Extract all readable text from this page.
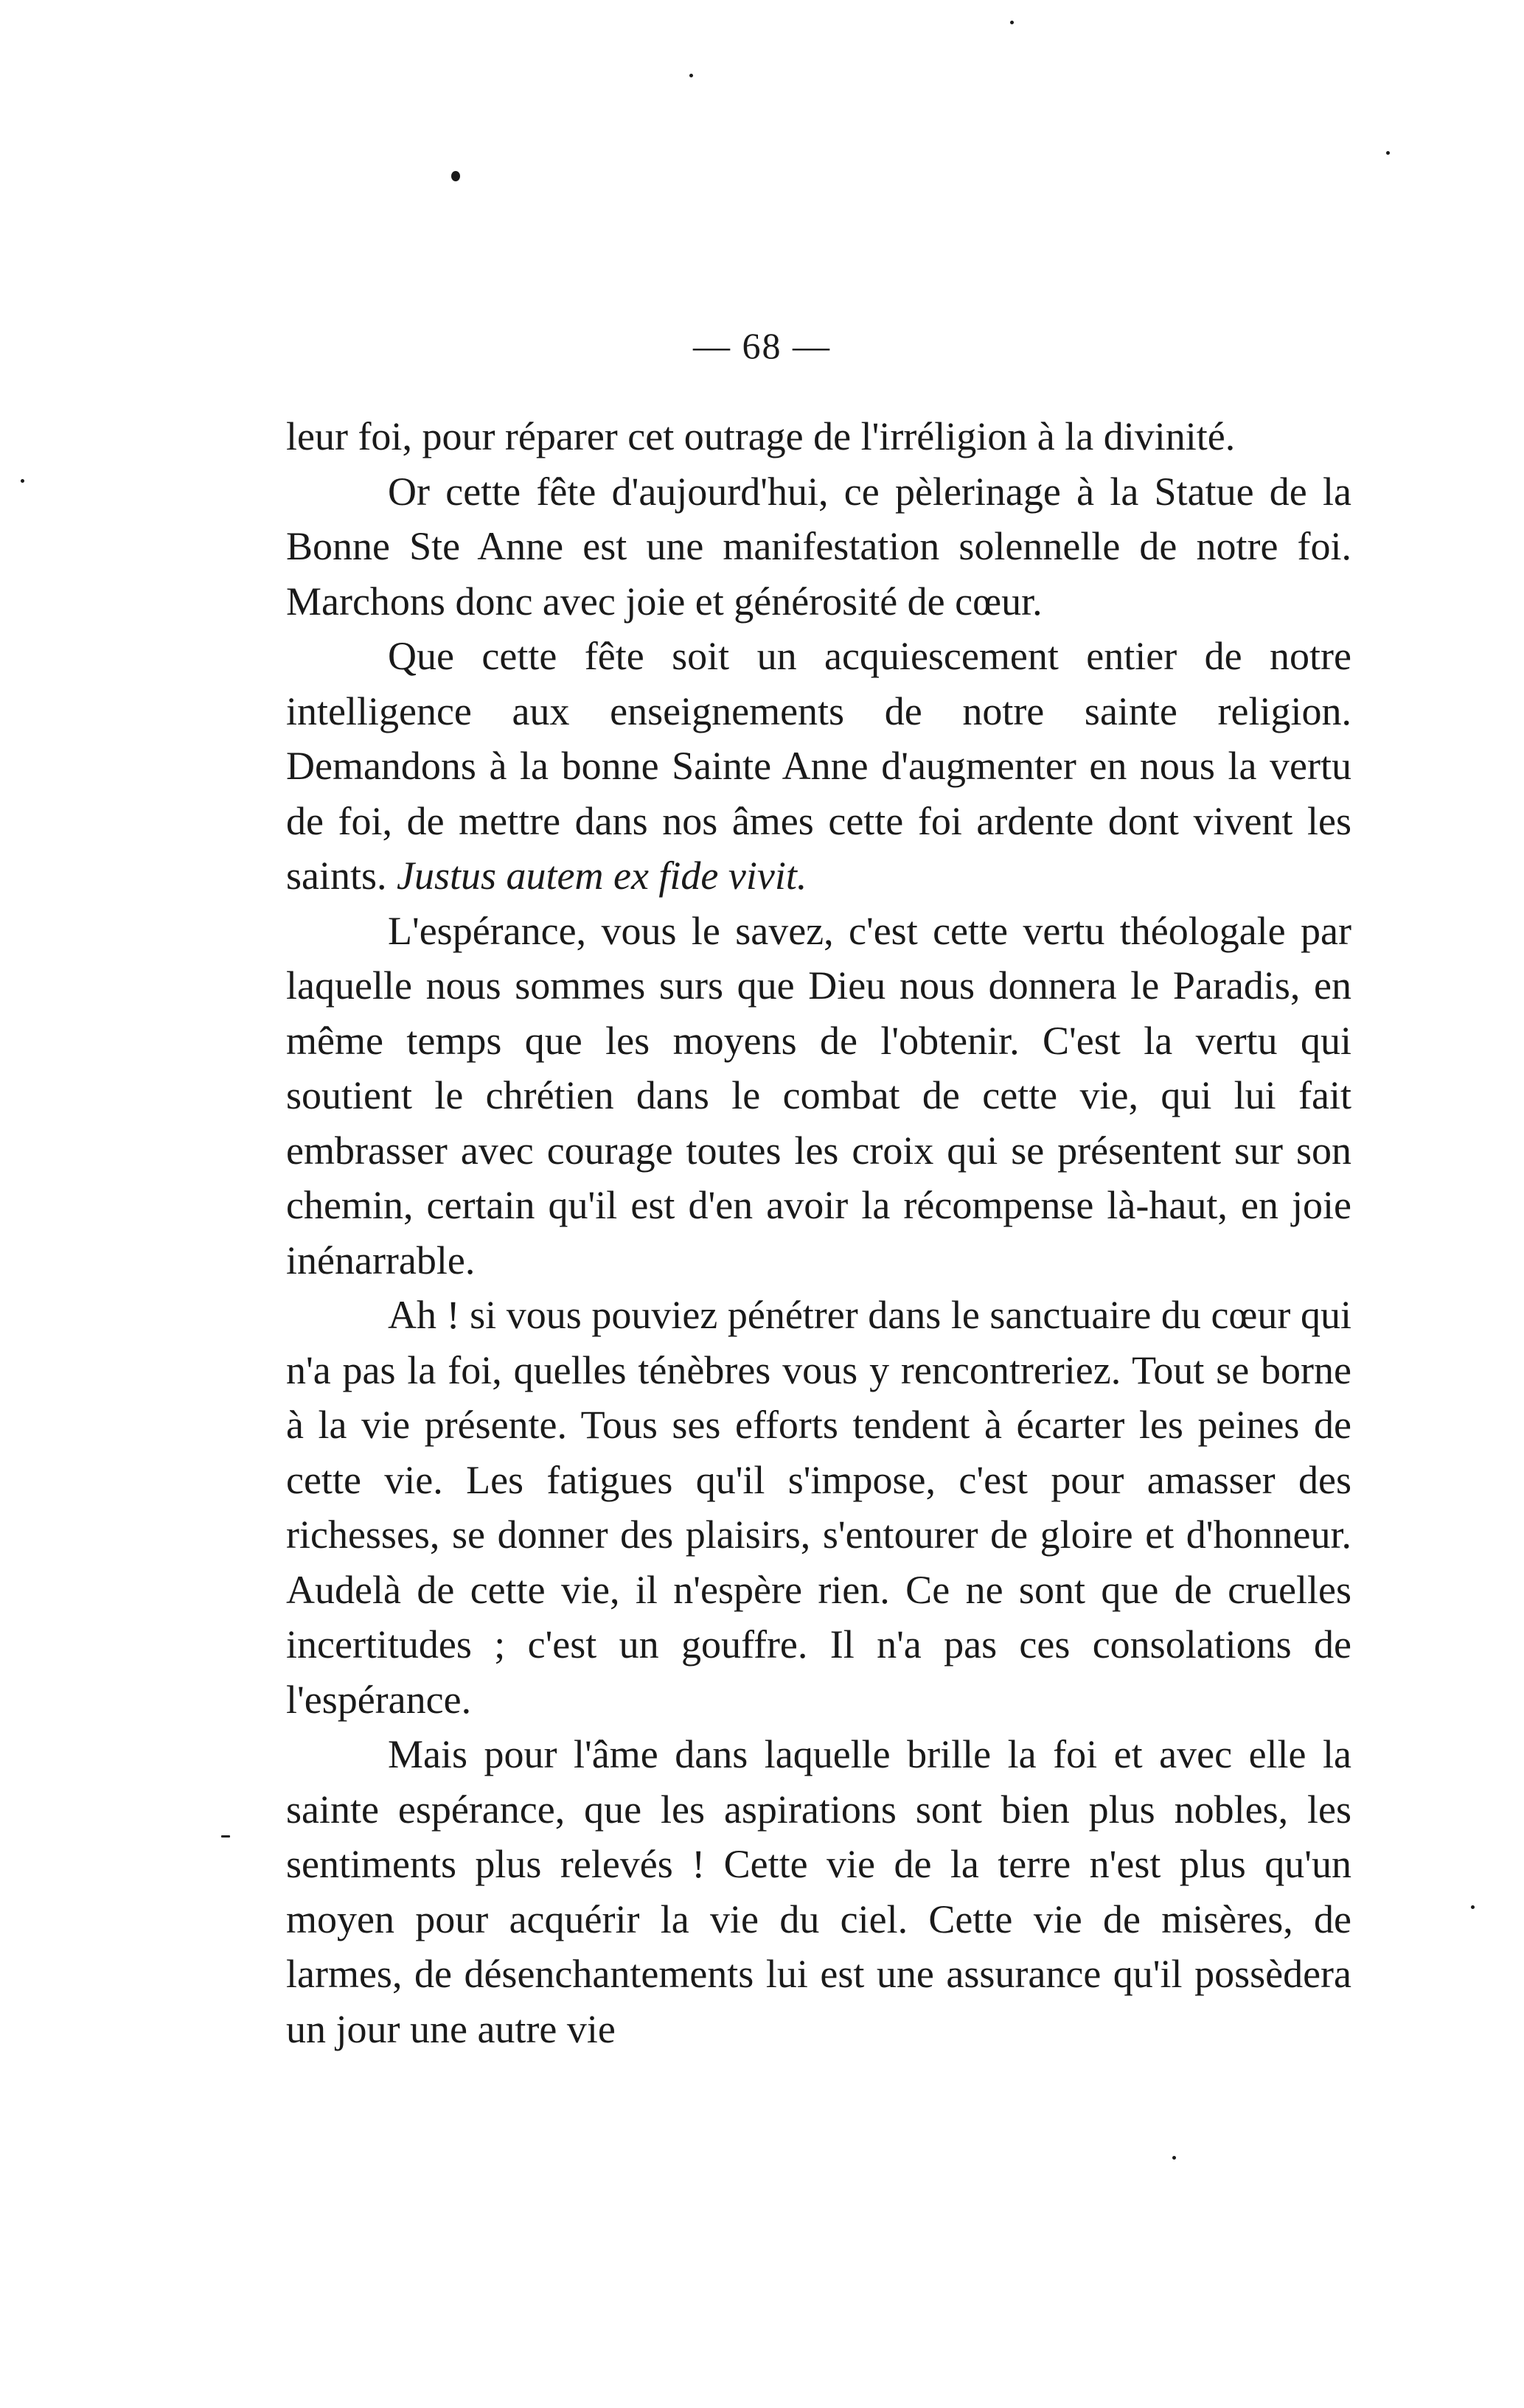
— 68 —

leur foi, pour réparer cet outrage de l'irréligion à la divinité.

Or cette fête d'aujourd'hui, ce pèlerinage à la Statue de la Bonne Ste Anne est une manifestation solennelle de notre foi. Marchons donc avec joie et générosité de cœur.

Que cette fête soit un acquiescement entier de notre intelligence aux enseignements de notre sainte religion. Demandons à la bonne Sainte Anne d'augmenter en nous la vertu de foi, de mettre dans nos âmes cette foi ardente dont vivent les saints. Justus autem ex fide vivit.

L'espérance, vous le savez, c'est cette vertu théologale par laquelle nous sommes surs que Dieu nous donnera le Paradis, en même temps que les moyens de l'obtenir. C'est la vertu qui soutient le chrétien dans le combat de cette vie, qui lui fait embrasser avec courage toutes les croix qui se présentent sur son chemin, certain qu'il est d'en avoir la récompense là-haut, en joie inénarrable.

Ah ! si vous pouviez pénétrer dans le sanctuaire du cœur qui n'a pas la foi, quelles ténèbres vous y rencontreriez. Tout se borne à la vie présente. Tous ses efforts tendent à écarter les peines de cette vie. Les fatigues qu'il s'impose, c'est pour amasser des richesses, se donner des plaisirs, s'entourer de gloire et d'honneur. Audelà de cette vie, il n'espère rien. Ce ne sont que de cruelles incertitudes ; c'est un gouffre. Il n'a pas ces consolations de l'espérance.

Mais pour l'âme dans laquelle brille la foi et avec elle la sainte espérance, que les aspirations sont bien plus nobles, les sentiments plus relevés ! Cette vie de la terre n'est plus qu'un moyen pour acquérir la vie du ciel. Cette vie de misères, de larmes, de désenchantements lui est une assurance qu'il possèdera un jour une autre vie
